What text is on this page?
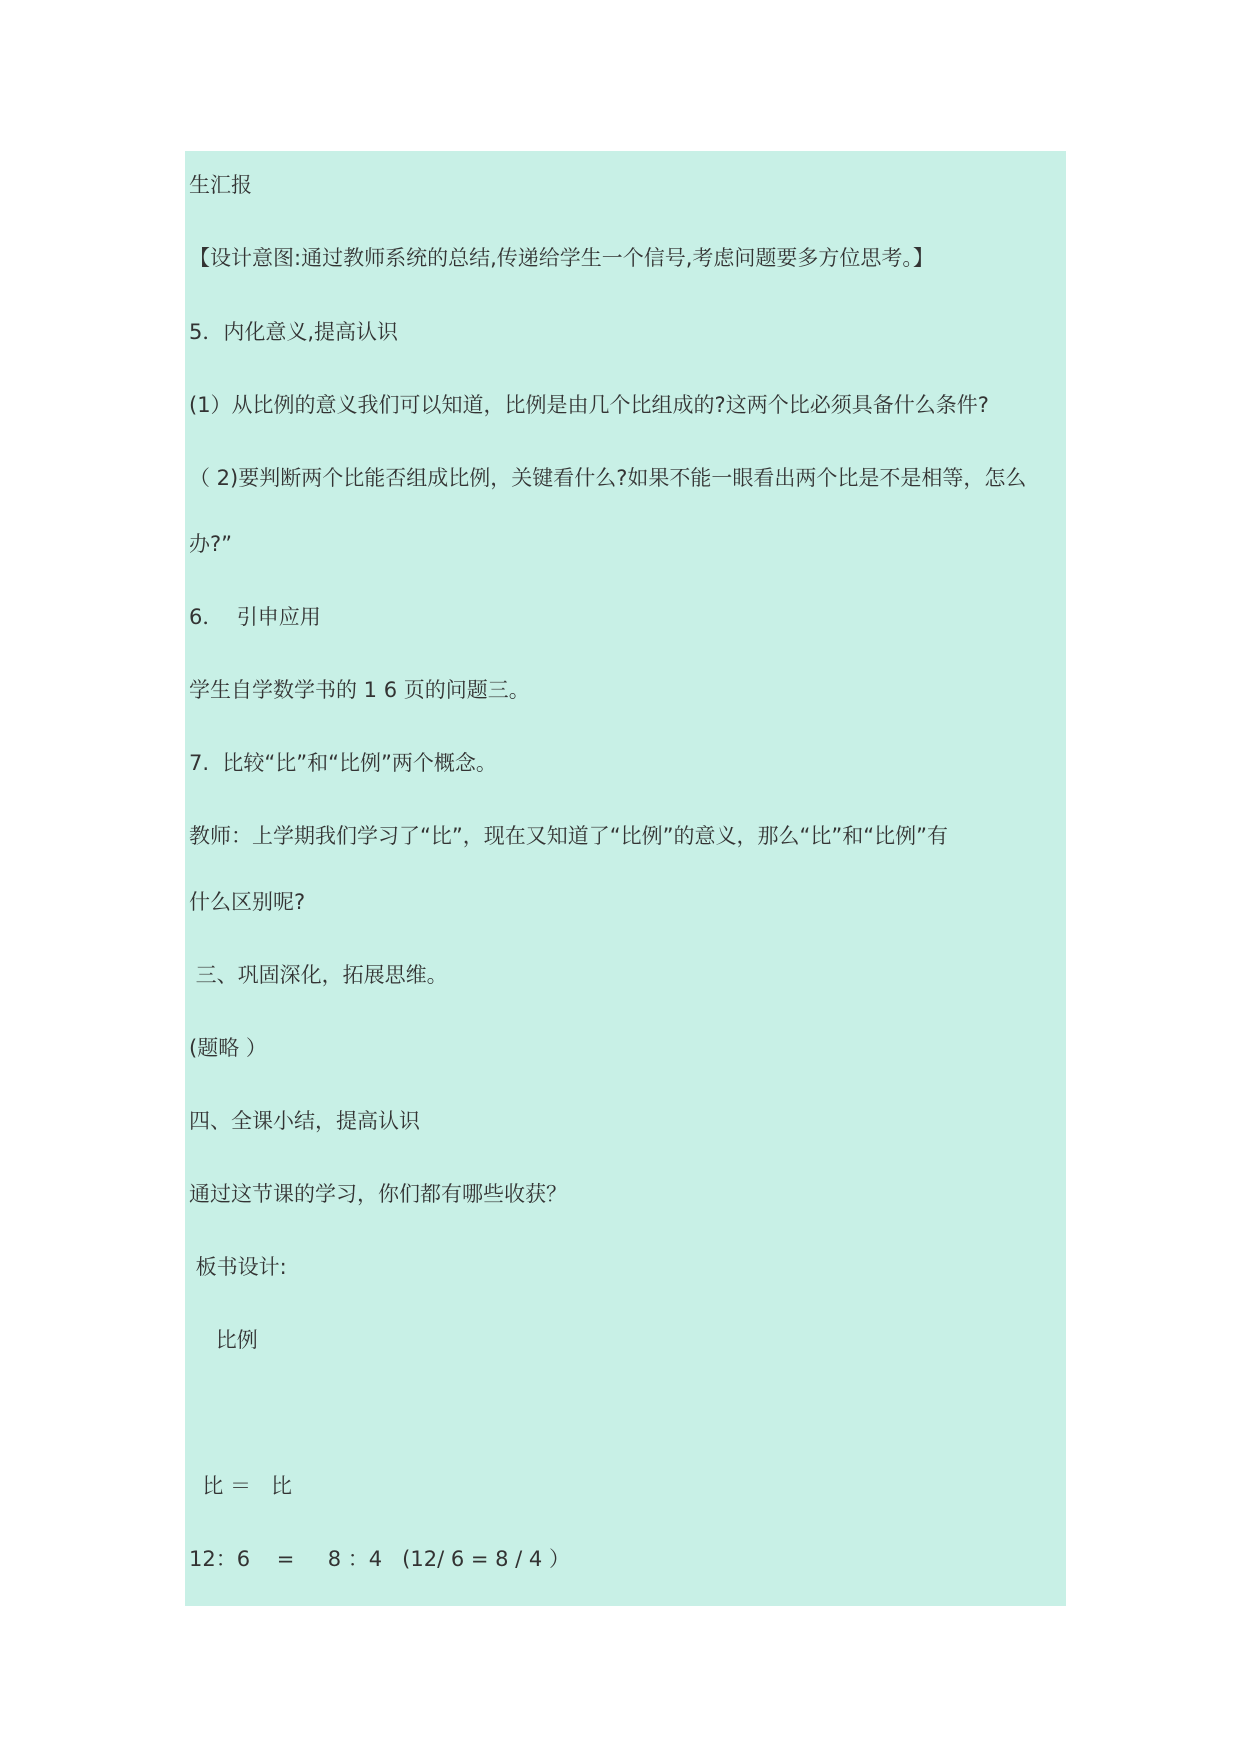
生汇报
【设计意图:通过教师系统的总结,传递给学生一个信号,考虑问题要多方位思考。】
5．内化意义,提高认识
(1）从比例的意义我们可以知道，比例是由几个比组成的?这两个比必须具备什么条件?
（ 2)要判断两个比能否组成比例，关键看什么?如果不能一眼看出两个比是不是相等，怎么
办?”
6．  引申应用
学生自学数学书的 1 6 页的问题三。
7.  比较“比”和“比例”两个概念。
教师：上学期我们学习了“比”，现在又知道了“比例”的意义，那么“比”和“比例”有
什么区别呢?
三、巩固深化，拓展思维。
(题略 ）
四、全课小结，提高认识
通过这节课的学习，你们都有哪些收获？
板书设计:
比例
比 ＝   比
12：6    =     8 ：4   (12/ 6 = 8 / 4 ）
